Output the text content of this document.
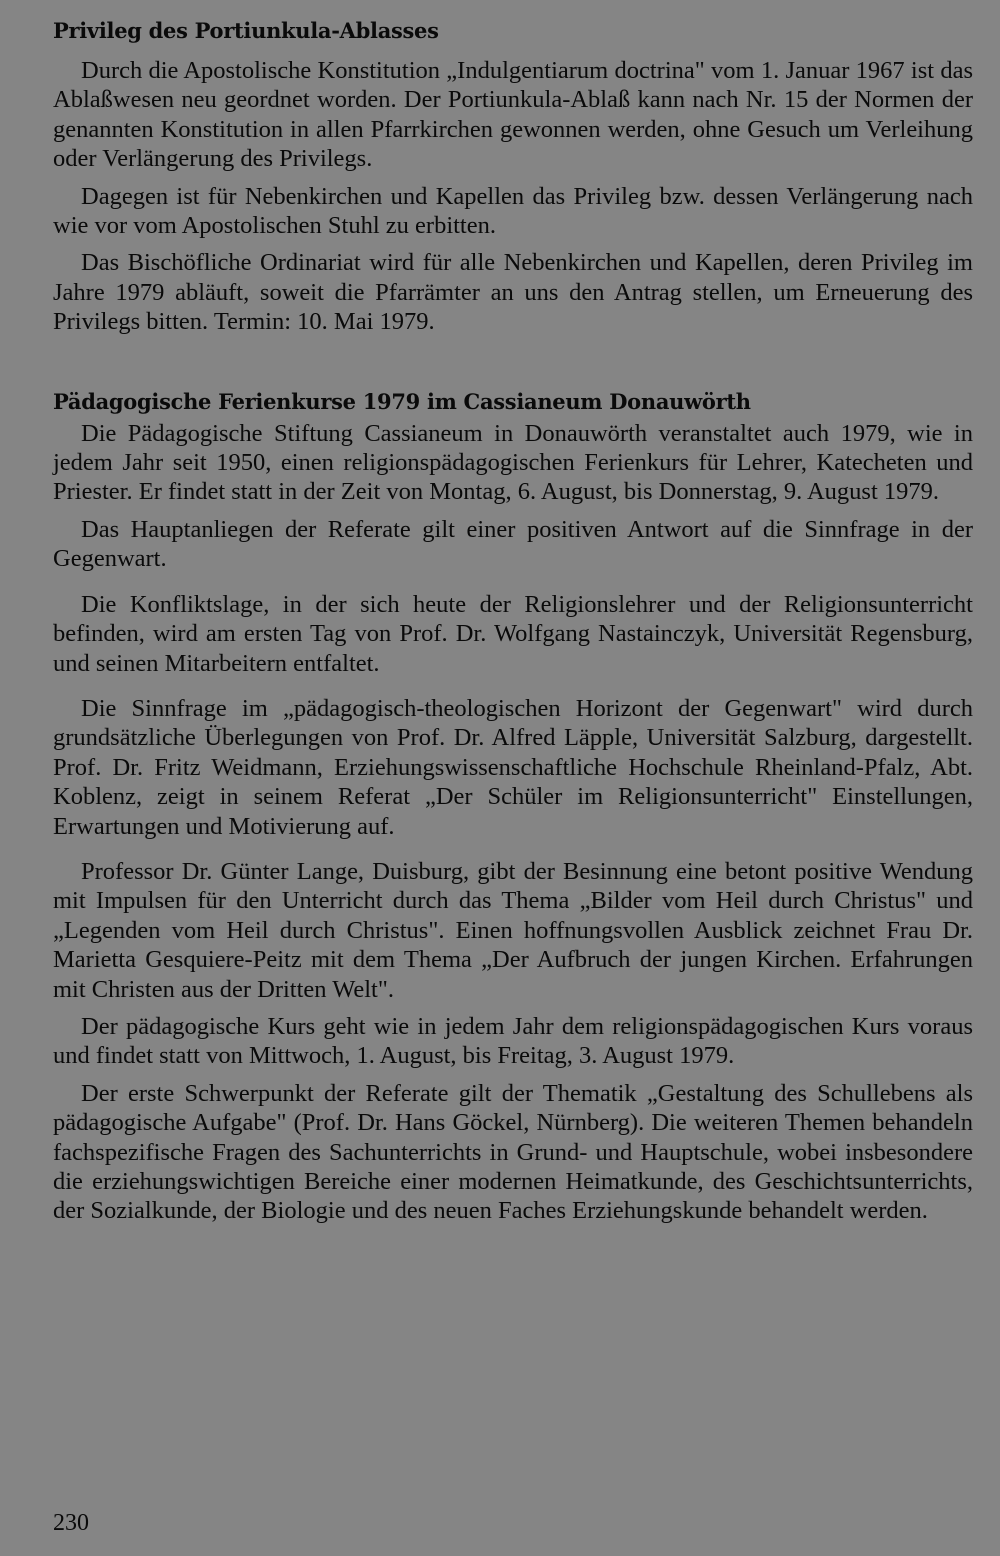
Privileg des Portiunkula-Ablasses

Durch die Apostolische Konstitution „Indulgentiarum doctrina" vom 1. Januar 1967 ist das Ablaßwesen neu geordnet worden. Der Portiunkula-Ablaß kann nach Nr. 15 der Normen der genannten Konstitution in allen Pfarrkirchen gewonnen werden, ohne Gesuch um Verleihung oder Verlängerung des Privilegs.

Dagegen ist für Nebenkirchen und Kapellen das Privileg bzw. dessen Verlängerung nach wie vor vom Apostolischen Stuhl zu erbitten.

Das Bischöfliche Ordinariat wird für alle Nebenkirchen und Kapellen, deren Privileg im Jahre 1979 abläuft, soweit die Pfarrämter an uns den Antrag stellen, um Erneuerung des Privilegs bitten. Termin: 10. Mai 1979.

Pädagogische Ferienkurse 1979 im Cassianeum Donauwörth

Die Pädagogische Stiftung Cassianeum in Donauwörth veranstaltet auch 1979, wie in jedem Jahr seit 1950, einen religionspädagogischen Ferienkurs für Lehrer, Katecheten und Priester. Er findet statt in der Zeit von Montag, 6. August, bis Donnerstag, 9. August 1979.

Das Hauptanliegen der Referate gilt einer positiven Antwort auf die Sinnfrage in der Gegenwart.

Die Konfliktslage, in der sich heute der Religionslehrer und der Religionsunterricht befinden, wird am ersten Tag von Prof. Dr. Wolfgang Nastainczyk, Universität Regensburg, und seinen Mitarbeitern entfaltet.

Die Sinnfrage im „pädagogisch-theologischen Horizont der Gegenwart" wird durch grundsätzliche Überlegungen von Prof. Dr. Alfred Läpple, Universität Salzburg, dargestellt. Prof. Dr. Fritz Weidmann, Erziehungswissenschaftliche Hochschule Rheinland-Pfalz, Abt. Koblenz, zeigt in seinem Referat „Der Schüler im Religionsunterricht" Einstellungen, Erwartungen und Motivierung auf.

Professor Dr. Günter Lange, Duisburg, gibt der Besinnung eine betont positive Wendung mit Impulsen für den Unterricht durch das Thema „Bilder vom Heil durch Christus" und „Legenden vom Heil durch Christus". Einen hoffnungsvollen Ausblick zeichnet Frau Dr. Marietta Gesquiere-Peitz mit dem Thema „Der Aufbruch der jungen Kirchen. Erfahrungen mit Christen aus der Dritten Welt".

Der pädagogische Kurs geht wie in jedem Jahr dem religionspädagogischen Kurs voraus und findet statt von Mittwoch, 1. August, bis Freitag, 3. August 1979.

Der erste Schwerpunkt der Referate gilt der Thematik „Gestaltung des Schullebens als pädagogische Aufgabe" (Prof. Dr. Hans Göckel, Nürnberg). Die weiteren Themen behandeln fachspezifische Fragen des Sachunterrichts in Grund- und Hauptschule, wobei insbesondere die erziehungswichtigen Bereiche einer modernen Heimatkunde, des Geschichtsunterrichts, der Sozialkunde, der Biologie und des neuen Faches Erziehungskunde behandelt werden.

230
